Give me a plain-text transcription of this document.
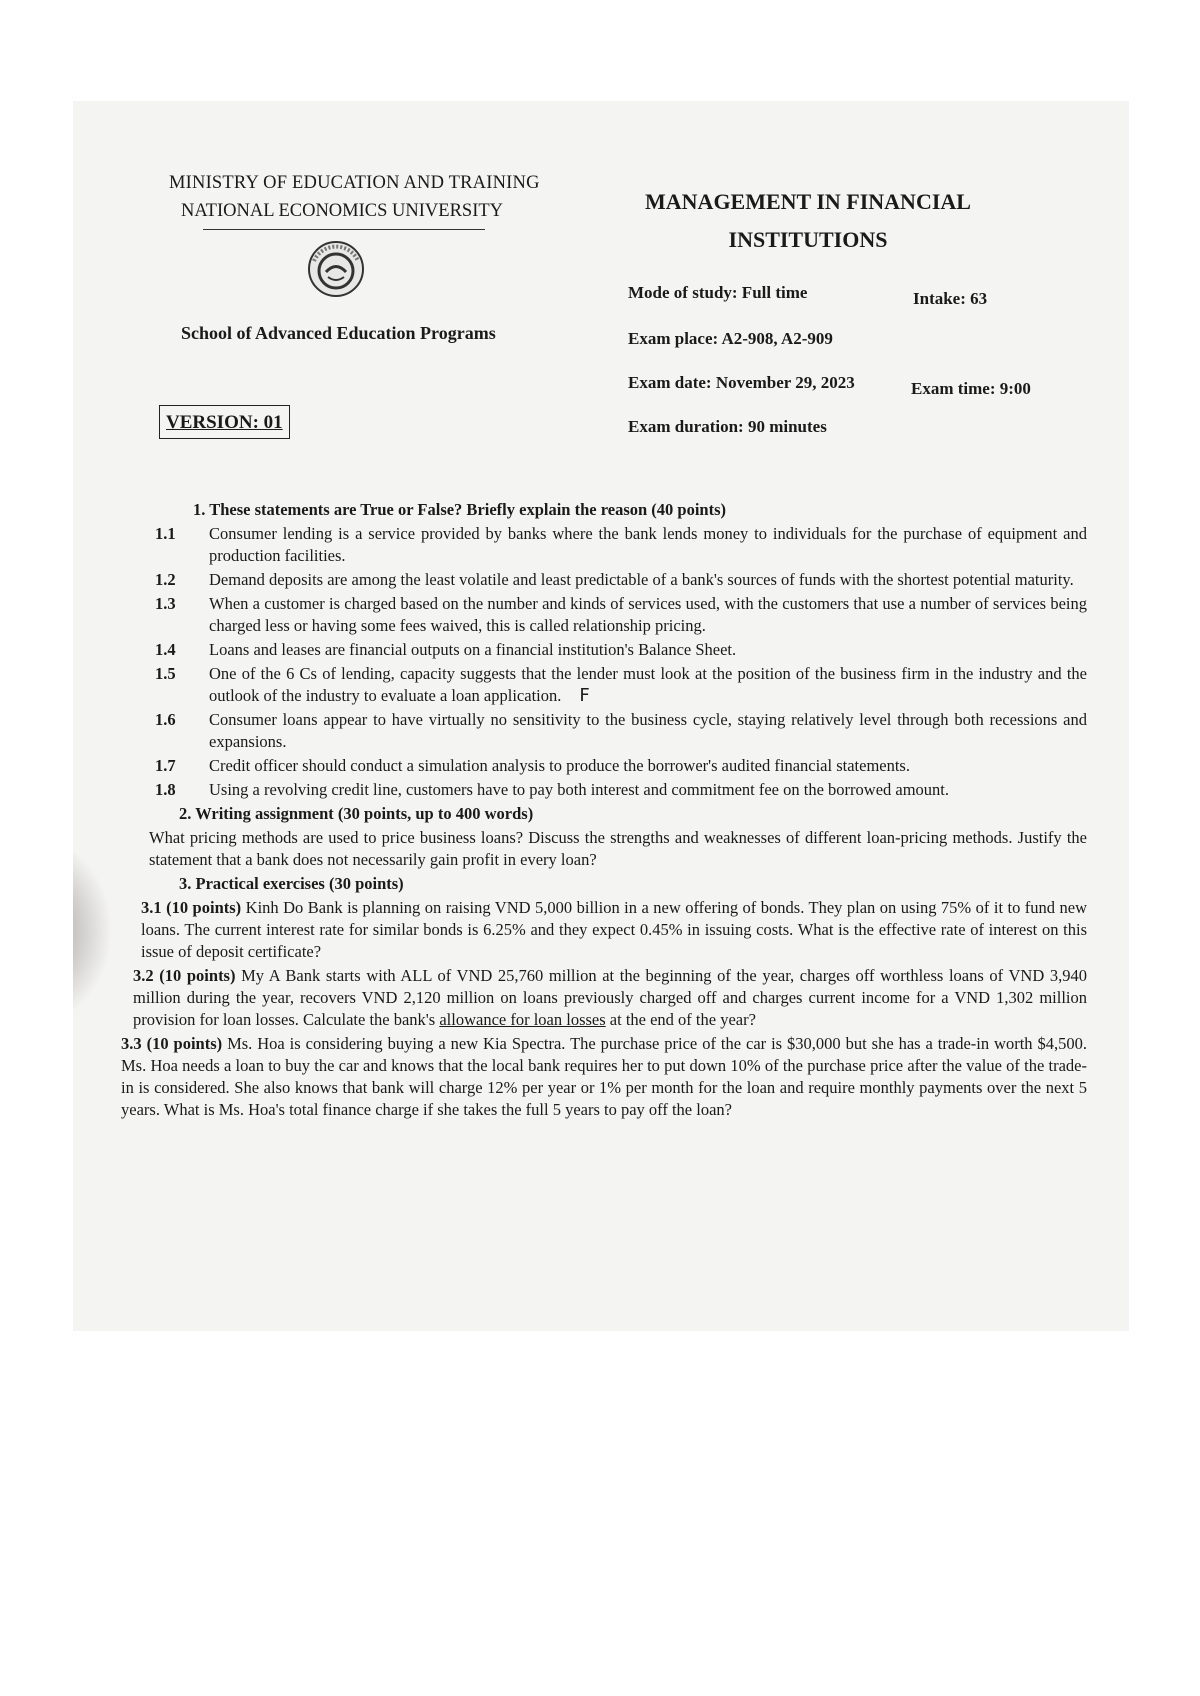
MINISTRY OF EDUCATION AND TRAINING
NATIONAL ECONOMICS UNIVERSITY
School of Advanced Education Programs
VERSION: 01
MANAGEMENT IN FINANCIAL
INSTITUTIONS
Mode of study: Full time	Intake: 63
Exam place: A2-908, A2-909
Exam date: November 29, 2023	Exam time: 9:00
Exam duration: 90 minutes
1. These statements are True or False? Briefly explain the reason (40 points)
1.1	Consumer lending is a service provided by banks where the bank lends money to individuals for the purchase of equipment and production facilities.
1.2	Demand deposits are among the least volatile and least predictable of a bank's sources of funds with the shortest potential maturity.
1.3	When a customer is charged based on the number and kinds of services used, with the customers that use a number of services being charged less or having some fees waived, this is called relationship pricing.
1.4	Loans and leases are financial outputs on a financial institution's Balance Sheet.
1.5	One of the 6 Cs of lending, capacity suggests that the lender must look at the position of the business firm in the industry and the outlook of the industry to evaluate a loan application. F
1.6	Consumer loans appear to have virtually no sensitivity to the business cycle, staying relatively level through both recessions and expansions.
1.7	Credit officer should conduct a simulation analysis to produce the borrower's audited financial statements.
1.8	Using a revolving credit line, customers have to pay both interest and commitment fee on the borrowed amount.
2. Writing assignment (30 points, up to 400 words)
What pricing methods are used to price business loans? Discuss the strengths and weaknesses of different loan-pricing methods. Justify the statement that a bank does not necessarily gain profit in every loan?
3. Practical exercises (30 points)
3.1 (10 points) Kinh Do Bank is planning on raising VND 5,000 billion in a new offering of bonds. They plan on using 75% of it to fund new loans. The current interest rate for similar bonds is 6.25% and they expect 0.45% in issuing costs. What is the effective rate of interest on this issue of deposit certificate?
3.2 (10 points) My A Bank starts with ALL of VND 25,760 million at the beginning of the year, charges off worthless loans of VND 3,940 million during the year, recovers VND 2,120 million on loans previously charged off and charges current income for a VND 1,302 million provision for loan losses. Calculate the bank's allowance for loan losses at the end of the year?
3.3 (10 points) Ms. Hoa is considering buying a new Kia Spectra. The purchase price of the car is $30,000 but she has a trade-in worth $4,500. Ms. Hoa needs a loan to buy the car and knows that the local bank requires her to put down 10% of the purchase price after the value of the trade-in is considered. She also knows that bank will charge 12% per year or 1% per month for the loan and require monthly payments over the next 5 years. What is Ms. Hoa's total finance charge if she takes the full 5 years to pay off the loan?
